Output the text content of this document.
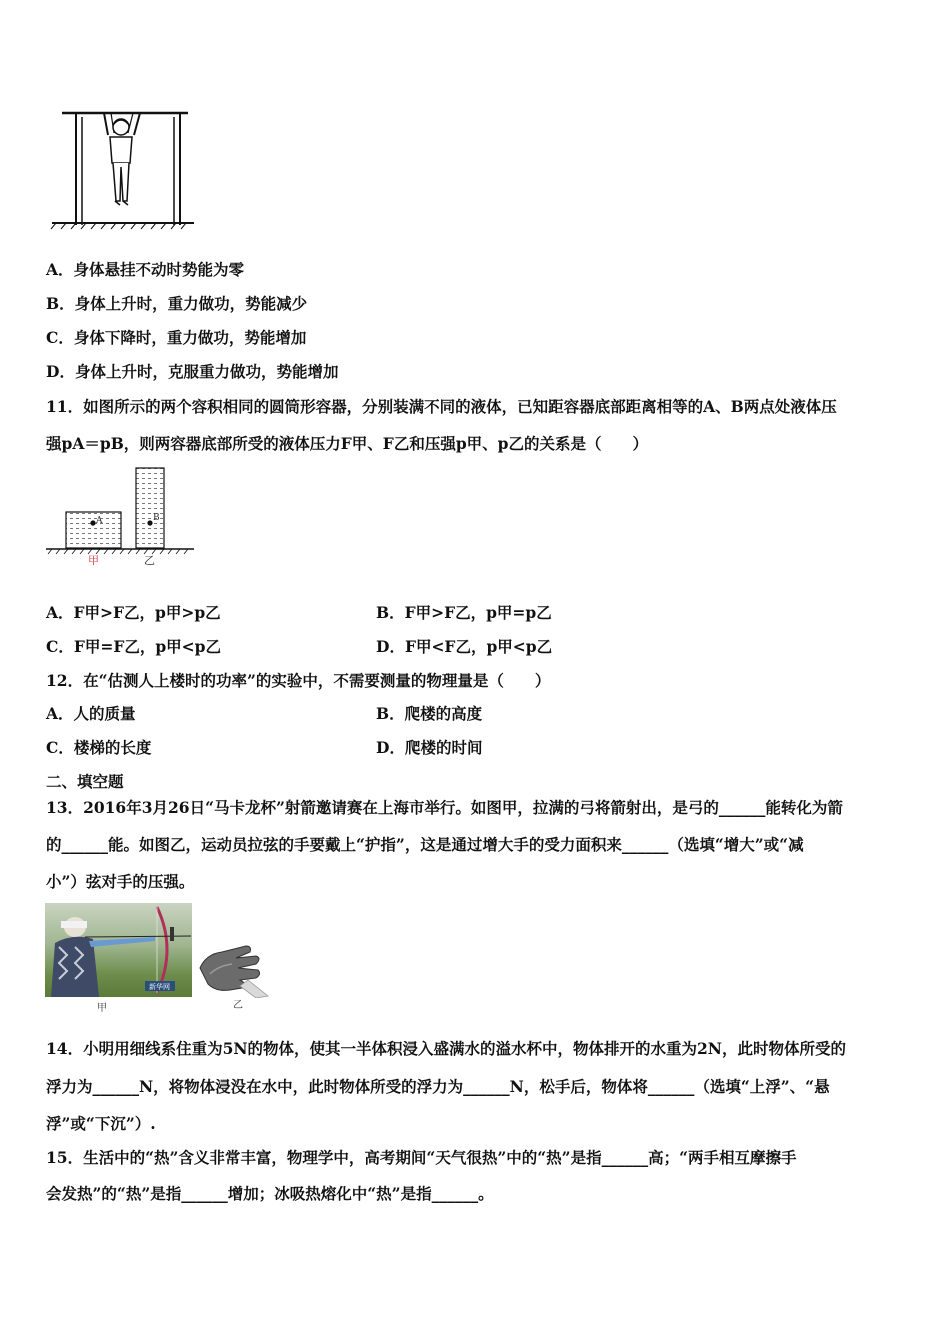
A．身体悬挂不动时势能为零
B．身体上升时，重力做功，势能减少
C．身体下降时，重力做功，势能增加
D．身体上升时，克服重力做功，势能增加
11．如图所示的两个容积相同的圆筒形容器，分别装满不同的液体，已知距容器底部距离相等的A、B两点处液体压
强pA＝pB，则两容器底部所受的液体压力F甲、F乙和压强p甲、p乙的关系是（　　）
A	B
甲	乙
A．F甲>F乙，p甲>p乙	B．F甲>F乙，p甲=p乙
C．F甲=F乙，p甲<p乙	D．F甲<F乙，p甲<p乙
12．在“估测人上楼时的功率”的实验中，不需要测量的物理量是（　　）
A．人的质量	B．爬楼的高度
C．楼梯的长度	D．爬楼的时间
二、填空题
13．2016年3月26日“马卡龙杯”射箭邀请赛在上海市举行。如图甲，拉满的弓将箭射出，是弓的______能转化为箭
的______能。如图乙，运动员拉弦的手要戴上“护指”，这是通过增大手的受力面积来______（选填“增大”或“减
小”）弦对手的压强。
新华网
甲	乙
14．小明用细线系住重为5N的物体，使其一半体积浸入盛满水的溢水杯中，物体排开的水重为2N，此时物体所受的
浮力为______N，将物体浸没在水中，此时物体所受的浮力为______N，松手后，物体将______（选填“上浮”、“悬
浮”或“下沉”）.
15．生活中的“热”含义非常丰富，物理学中，高考期间“天气很热”中的“热”是指______高；“两手相互摩擦手
会发热”的“热”是指______增加；冰吸热熔化中“热”是指______。
